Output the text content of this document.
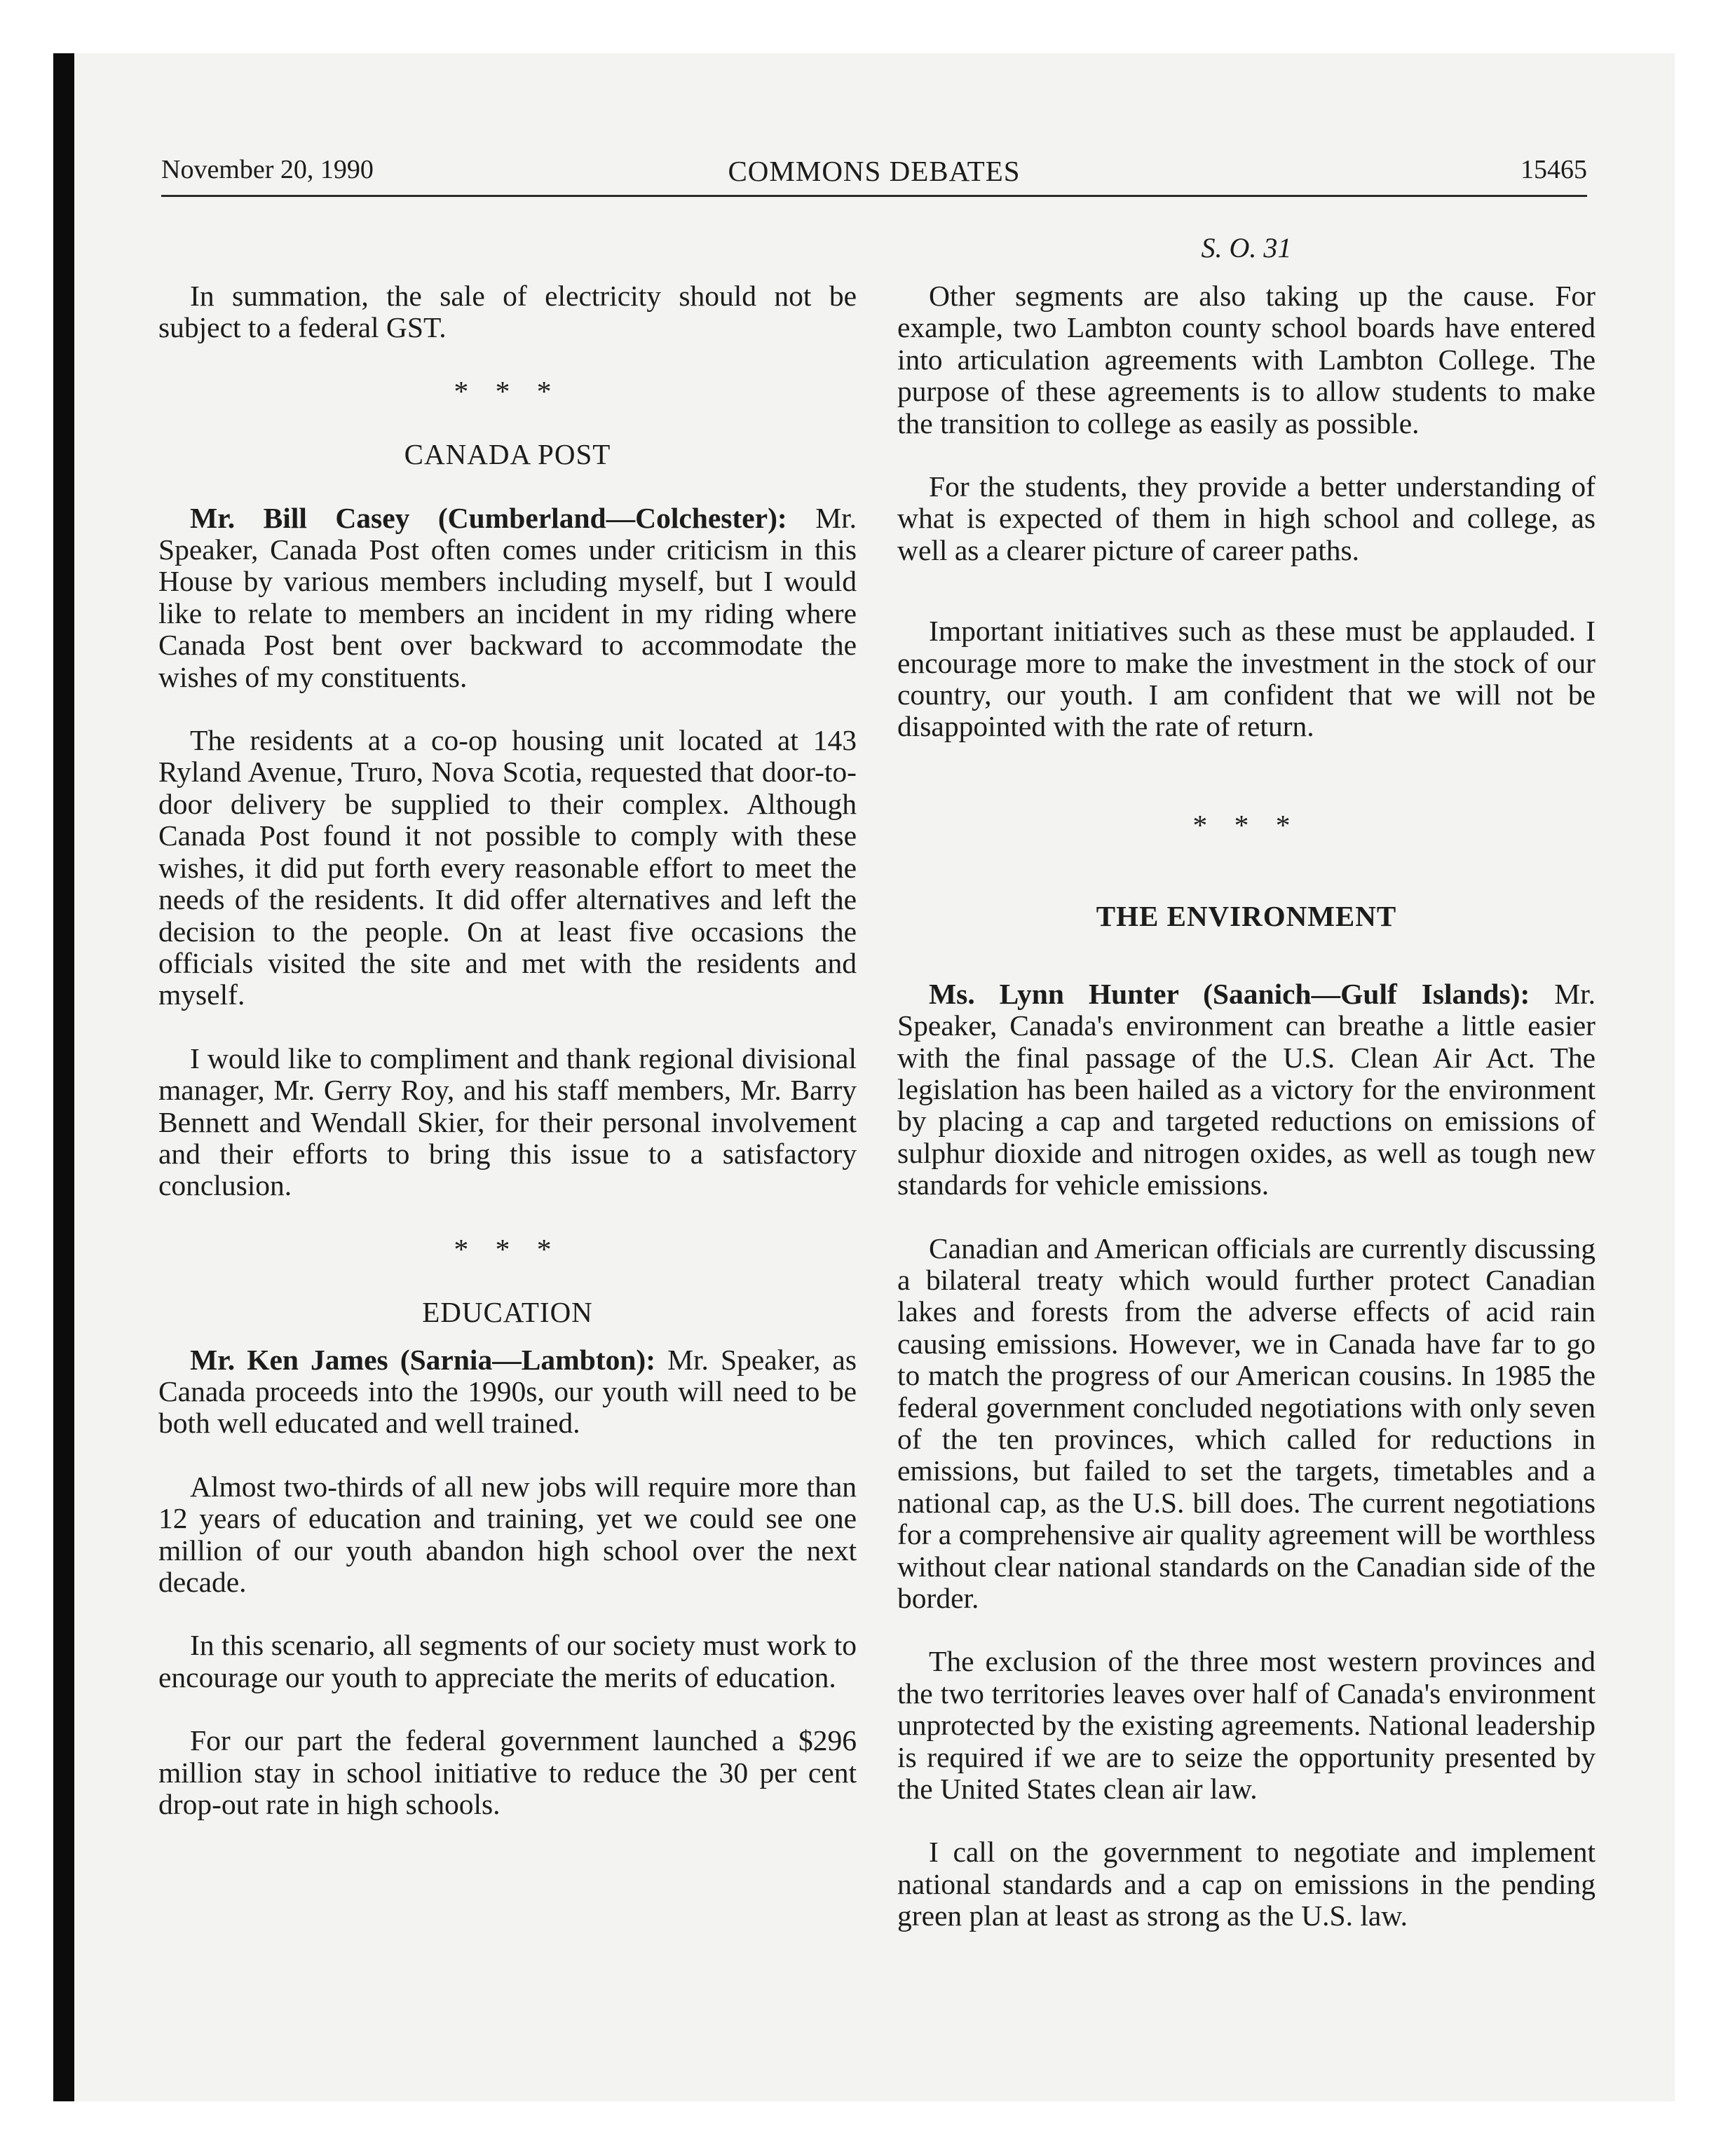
November 20, 1990	COMMONS DEBATES	15465
S. O. 31

In summation, the sale of electricity should not be subject to a federal GST.

* * *
CANADA POST

Mr. Bill Casey (Cumberland—Colchester): Mr. Speaker, Canada Post often comes under criticism in this House by various members including myself, but I would like to relate to members an incident in my riding where Canada Post bent over backward to accommodate the wishes of my constituents.

The residents at a co-op housing unit located at 143 Ryland Avenue, Truro, Nova Scotia, requested that door-to-door delivery be supplied to their complex. Although Canada Post found it not possible to comply with these wishes, it did put forth every reasonable effort to meet the needs of the residents. It did offer alternatives and left the decision to the people. On at least five occasions the officials visited the site and met with the residents and myself.

I would like to compliment and thank regional divisional manager, Mr. Gerry Roy, and his staff members, Mr. Barry Bennett and Wendall Skier, for their personal involvement and their efforts to bring this issue to a satisfactory conclusion.

* * *
EDUCATION

Mr. Ken James (Sarnia—Lambton): Mr. Speaker, as Canada proceeds into the 1990s, our youth will need to be both well educated and well trained.

Almost two-thirds of all new jobs will require more than 12 years of education and training, yet we could see one million of our youth abandon high school over the next decade.

In this scenario, all segments of our society must work to encourage our youth to appreciate the merits of education.

For our part the federal government launched a $296 million stay in school initiative to reduce the 30 per cent drop-out rate in high schools.

Other segments are also taking up the cause. For example, two Lambton county school boards have entered into articulation agreements with Lambton College. The purpose of these agreements is to allow students to make the transition to college as easily as possible.

For the students, they provide a better understanding of what is expected of them in high school and college, as well as a clearer picture of career paths.

Important initiatives such as these must be applauded. I encourage more to make the investment in the stock of our country, our youth. I am confident that we will not be disappointed with the rate of return.

* * *
THE ENVIRONMENT

Ms. Lynn Hunter (Saanich—Gulf Islands): Mr. Speaker, Canada's environment can breathe a little easier with the final passage of the U.S. Clean Air Act. The legislation has been hailed as a victory for the environment by placing a cap and targeted reductions on emissions of sulphur dioxide and nitrogen oxides, as well as tough new standards for vehicle emissions.

Canadian and American officials are currently discussing a bilateral treaty which would further protect Canadian lakes and forests from the adverse effects of acid rain causing emissions. However, we in Canada have far to go to match the progress of our American cousins. In 1985 the federal government concluded negotiations with only seven of the ten provinces, which called for reductions in emissions, but failed to set the targets, timetables and a national cap, as the U.S. bill does. The current negotiations for a comprehensive air quality agreement will be worthless without clear national standards on the Canadian side of the border.

The exclusion of the three most western provinces and the two territories leaves over half of Canada's environment unprotected by the existing agreements. National leadership is required if we are to seize the opportunity presented by the United States clean air law.

I call on the government to negotiate and implement national standards and a cap on emissions in the pending green plan at least as strong as the U.S. law.
